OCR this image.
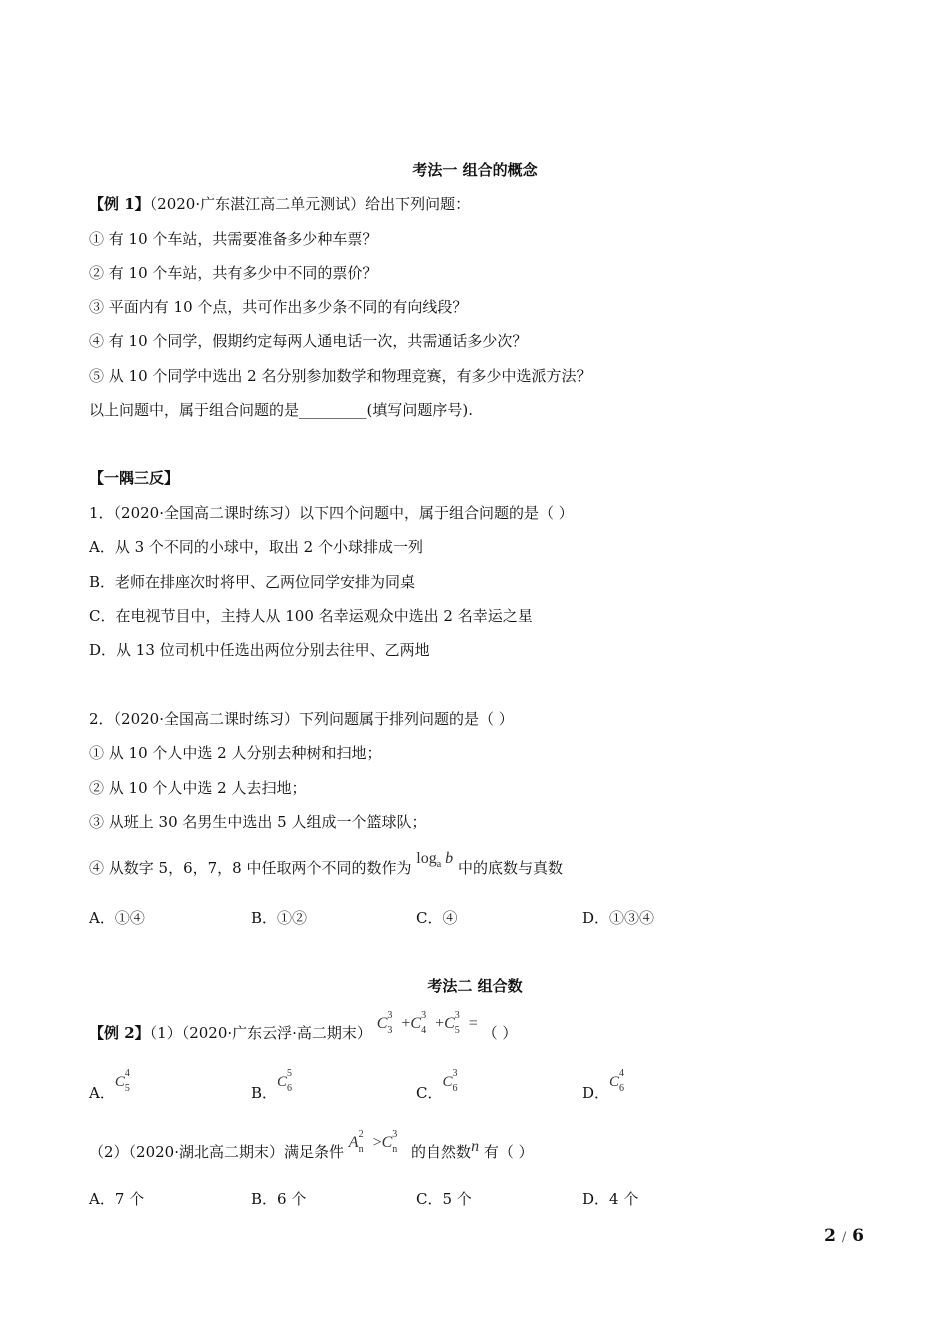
考法一 组合的概念
【例 1】（2020·广东湛江高二单元测试）给出下列问题：
① 有 10 个车站，共需要准备多少种车票？
② 有 10 个车站，共有多少中不同的票价？
③ 平面内有 10 个点，共可作出多少条不同的有向线段？
④ 有 10 个同学，假期约定每两人通电话一次，共需通话多少次？
⑤ 从 10 个同学中选出 2 名分别参加数学和物理竞赛，有多少中选派方法？
以上问题中，属于组合问题的是_________(填写问题序号).
【一隅三反】
1．（2020·全国高二课时练习）以下四个问题中，属于组合问题的是（ ）
A．从 3 个不同的小球中，取出 2 个小球排成一列
B．老师在排座次时将甲、乙两位同学安排为同桌
C．在电视节目中，主持人从 100 名幸运观众中选出 2 名幸运之星
D．从 13 位司机中任选出两位分别去往甲、乙两地
2．（2020·全国高二课时练习）下列问题属于排列问题的是（ ）
① 从 10 个人中选 2 人分别去种树和扫地；
② 从 10 个人中选 2 人去扫地；
③ 从班上 30 名男生中选出 5 人组成一个篮球队；
④ 从数字 5，6，7，8 中任取两个不同的数作为 $\log_a b$ 中的底数与真数
A．①④	B．①②	C．④	D．①③④
考法二 组合数
【例 2】（1）（2020·广东云浮·高二期末） C 3
3 +C 3
4 +C 3
5 = （ ）
A．C
4
5	B．C
5
6	C．C
3
6	D．C
4
6
（2）（2020·湖北高二期末）满足条件 A 2
n >C 3
n 的自然数n 有（ ）
A．7 个	B．6 个	C．5 个	D．4 个
2 / 6
